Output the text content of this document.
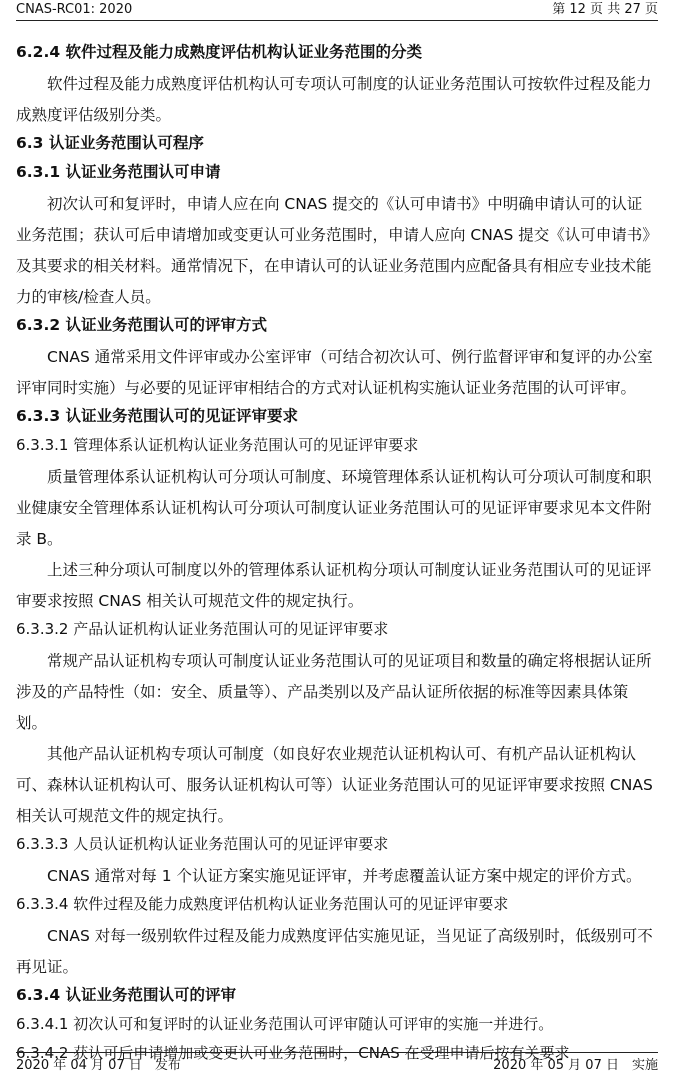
CNAS-RC01: 2020	第 12 页 共 27 页
6.2.4 软件过程及能力成熟度评估机构认证业务范围的分类

软件过程及能力成熟度评估机构认可专项认可制度的认证业务范围认可按软件过程及能力成熟度评估级别分类。

6.3 认证业务范围认可程序
6.3.1 认证业务范围认可申请

初次认可和复评时，申请人应在向 CNAS 提交的《认可申请书》中明确申请认可的认证业务范围；获认可后申请增加或变更认可业务范围时，申请人应向 CNAS 提交《认可申请书》及其要求的相关材料。通常情况下，在申请认可的认证业务范围内应配备具有相应专业技术能力的审核/检查人员。

6.3.2 认证业务范围认可的评审方式

CNAS 通常采用文件评审或办公室评审（可结合初次认可、例行监督评审和复评的办公室评审同时实施）与必要的见证评审相结合的方式对认证机构实施认证业务范围的认可评审。

6.3.3 认证业务范围认可的见证评审要求
6.3.3.1 管理体系认证机构认证业务范围认可的见证评审要求

质量管理体系认证机构认可分项认可制度、环境管理体系认证机构认可分项认可制度和职业健康安全管理体系认证机构认可分项认可制度认证业务范围认可的见证评审要求见本文件附录 B。

上述三种分项认可制度以外的管理体系认证机构分项认可制度认证业务范围认可的见证评审要求按照 CNAS 相关认可规范文件的规定执行。

6.3.3.2 产品认证机构认证业务范围认可的见证评审要求

常规产品认证机构专项认可制度认证业务范围认可的见证项目和数量的确定将根据认证所涉及的产品特性（如：安全、质量等）、产品类别以及产品认证所依据的标准等因素具体策划。

其他产品认证机构专项认可制度（如良好农业规范认证机构认可、有机产品认证机构认可、森林认证机构认可、服务认证机构认可等）认证业务范围认可的见证评审要求按照 CNAS 相关认可规范文件的规定执行。

6.3.3.3 人员认证机构认证业务范围认可的见证评审要求

CNAS 通常对每 1 个认证方案实施见证评审，并考虑覆盖认证方案中规定的评价方式。

6.3.3.4 软件过程及能力成熟度评估机构认证业务范围认可的见证评审要求

CNAS 对每一级别软件过程及能力成熟度评估实施见证，当见证了高级别时，低级别可不再见证。

6.3.4 认证业务范围认可的评审
6.3.4.1 初次认可和复评时的认证业务范围认可评审随认可评审的实施一并进行。
6.3.4.2 获认可后申请增加或变更认可业务范围时，CNAS 在受理申请后按有关要求
2020 年 04 月 07 日　发布	2020 年 05 月 07 日　实施
